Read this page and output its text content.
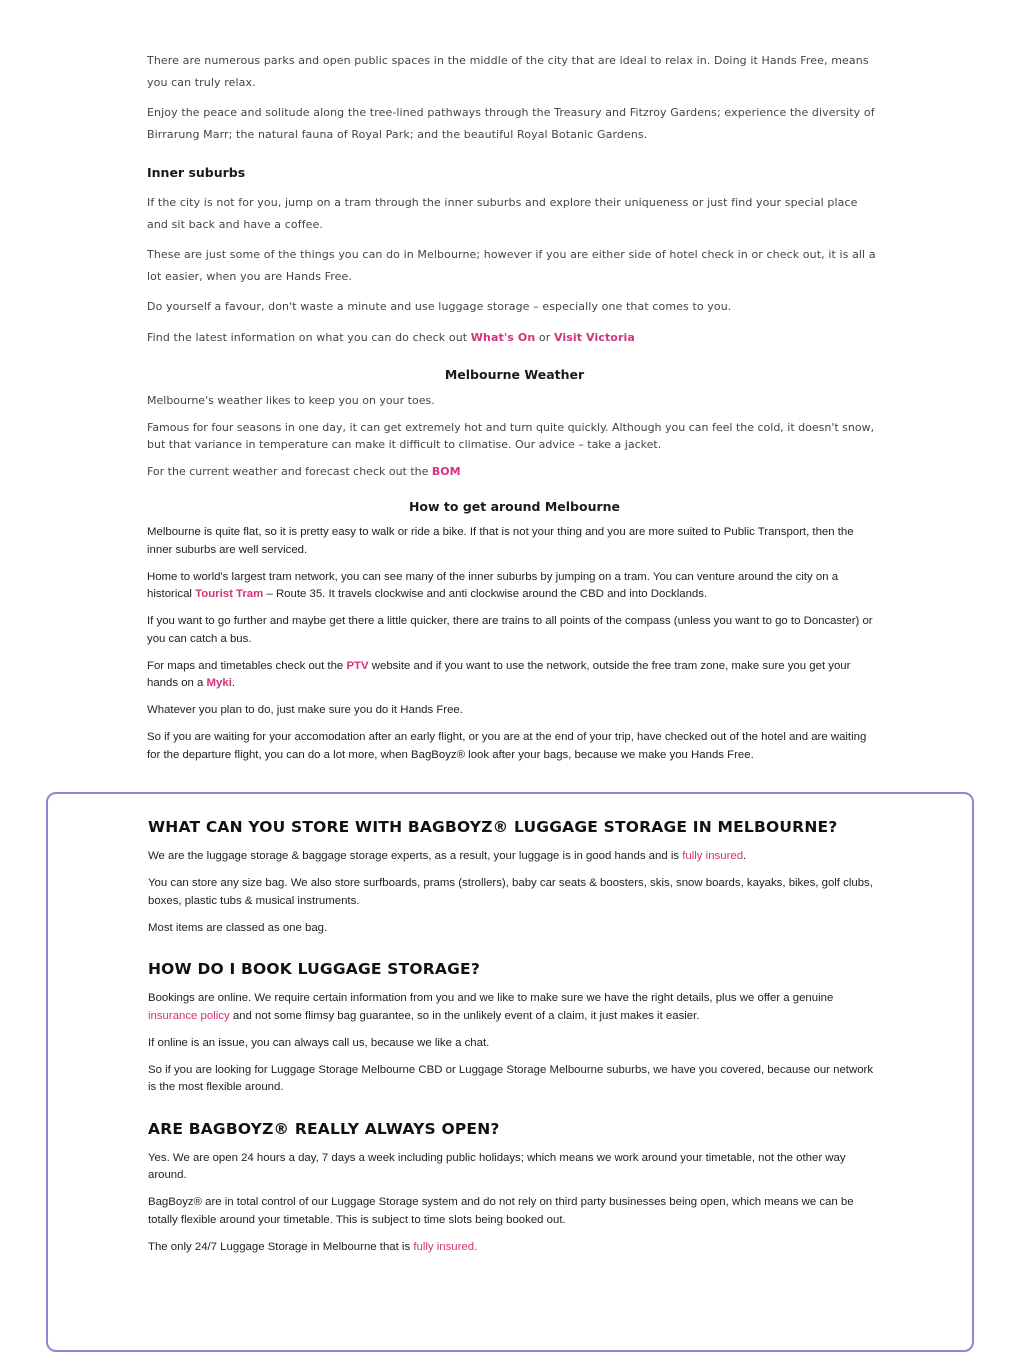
There are numerous parks and open public spaces in the middle of the city that are ideal to relax in. Doing it Hands Free, means you can truly relax.

Enjoy the peace and solitude along the tree-lined pathways through the Treasury and Fitzroy Gardens; experience the diversity of Birrarung Marr; the natural fauna of Royal Park; and the beautiful Royal Botanic Gardens.

Inner suburbs

If the city is not for you, jump on a tram through the inner suburbs and explore their uniqueness or just find your special place and sit back and have a coffee.

These are just some of the things you can do in Melbourne; however if you are either side of hotel check in or check out, it is all a lot easier, when you are Hands Free.

Do yourself a favour, don't waste a minute and use luggage storage – especially one that comes to you.

Find the latest information on what you can do check out What's On or Visit Victoria

Melbourne Weather

Melbourne's weather likes to keep you on your toes.

Famous for four seasons in one day, it can get extremely hot and turn quite quickly. Although you can feel the cold, it doesn't snow, but that variance in temperature can make it difficult to climatise. Our advice – take a jacket.

For the current weather and forecast check out the BOM

How to get around Melbourne

Melbourne is quite flat, so it is pretty easy to walk or ride a bike. If that is not your thing and you are more suited to Public Transport, then the inner suburbs are well serviced.

Home to world's largest tram network, you can see many of the inner suburbs by jumping on a tram. You can venture around the city on a historical Tourist Tram – Route 35. It travels clockwise and anti clockwise around the CBD and into Docklands.

If you want to go further and maybe get there a little quicker, there are trains to all points of the compass (unless you want to go to Doncaster) or you can catch a bus.

For maps and timetables check out the PTV website and if you want to use the network, outside the free tram zone, make sure you get your hands on a Myki.

Whatever you plan to do, just make sure you do it Hands Free.

So if you are waiting for your accomodation after an early flight, or you are at the end of your trip, have checked out of the hotel and are waiting for the departure flight, you can do a lot more, when BagBoyz® look after your bags, because we make you Hands Free.

WHAT CAN YOU STORE WITH BAGBOYZ® LUGGAGE STORAGE IN MELBOURNE?

We are the luggage storage & baggage storage experts, as a result, your luggage is in good hands and is fully insured.

You can store any size bag. We also store surfboards, prams (strollers), baby car seats & boosters, skis, snow boards, kayaks, bikes, golf clubs, boxes, plastic tubs & musical instruments.

Most items are classed as one bag.

HOW DO I BOOK LUGGAGE STORAGE?

Bookings are online. We require certain information from you and we like to make sure we have the right details, plus we offer a genuine insurance policy and not some flimsy bag guarantee, so in the unlikely event of a claim, it just makes it easier.

If online is an issue, you can always call us, because we like a chat.

So if you are looking for Luggage Storage Melbourne CBD or Luggage Storage Melbourne suburbs, we have you covered, because our network is the most flexible around.

ARE BAGBOYZ® REALLY ALWAYS OPEN?

Yes. We are open 24 hours a day, 7 days a week including public holidays; which means we work around your timetable, not the other way around.

BagBoyz® are in total control of our Luggage Storage system and do not rely on third party businesses being open, which means we can be totally flexible around your timetable. This is subject to time slots being booked out.

The only 24/7 Luggage Storage in Melbourne that is fully insured.
